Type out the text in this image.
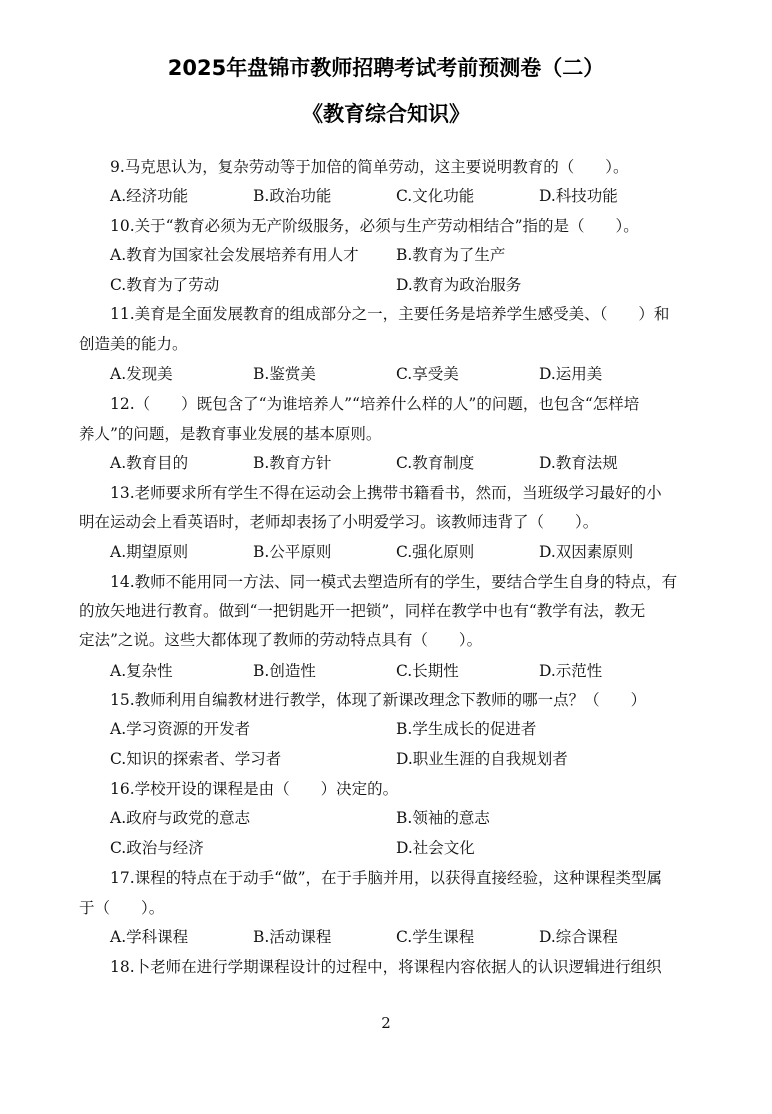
2025年盘锦市教师招聘考试考前预测卷（二）
《教育综合知识》
9.马克思认为，复杂劳动等于加倍的简单劳动，这主要说明教育的（　　）。
A.经济功能	B.政治功能	C.文化功能	D.科技功能
10.关于“教育必须为无产阶级服务，必须与生产劳动相结合”指的是（　　）。
A.教育为国家社会发展培养有用人才 B.教育为了生产
C.教育为了劳动	D.教育为政治服务
11.美育是全面发展教育的组成部分之一，主要任务是培养学生感受美、（　　）和
创造美的能力。
A.发现美	B.鉴赏美	C.享受美	D.运用美
12.（　　）既包含了“为谁培养人”“培养什么样的人”的问题，也包含“怎样培
养人”的问题，是教育事业发展的基本原则。
A.教育目的	B.教育方针	C.教育制度	D.教育法规
13.老师要求所有学生不得在运动会上携带书籍看书，然而，当班级学习最好的小
明在运动会上看英语时，老师却表扬了小明爱学习。该教师违背了（　　）。
A.期望原则	B.公平原则	C.强化原则	D.双因素原则
14.教师不能用同一方法、同一模式去塑造所有的学生，要结合学生自身的特点，有
的放矢地进行教育。做到“一把钥匙开一把锁”，同样在教学中也有“教学有法，教无
定法”之说。这些大都体现了教师的劳动特点具有（　　）。
A.复杂性	B.创造性	C.长期性	D.示范性
15.教师利用自编教材进行教学，体现了新课改理念下教师的哪一点？（　　）
A.学习资源的开发者	B.学生成长的促进者
C.知识的探索者、学习者	D.职业生涯的自我规划者
16.学校开设的课程是由（　　）决定的。
A.政府与政党的意志	B.领袖的意志
C.政治与经济	D.社会文化
17.课程的特点在于动手“做”，在于手脑并用，以获得直接经验，这种课程类型属
于（　　）。
A.学科课程	B.活动课程	C.学生课程	D.综合课程
18.卜老师在进行学期课程设计的过程中，将课程内容依据人的认识逻辑进行组织
2
